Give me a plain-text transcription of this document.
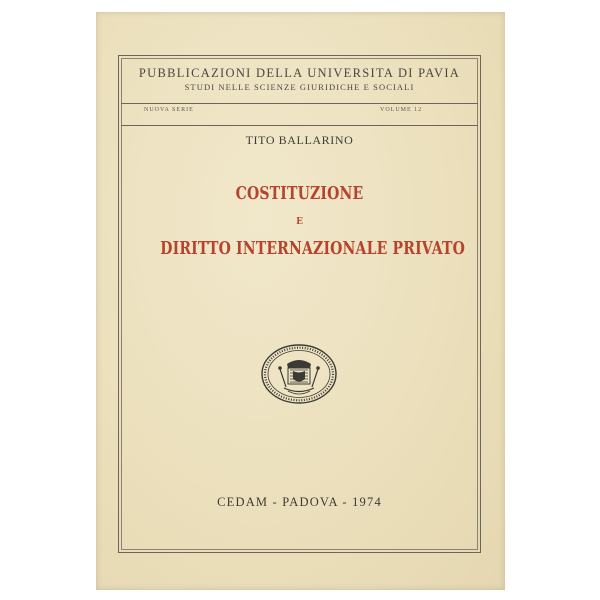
PUBBLICAZIONI DELLA UNIVERSITA DI PAVIA

STUDI NELLE SCIENZE GIURIDICHE E SOCIALI

NUOVA SERIE	VOLUME 12

TITO BALLARINO

COSTITUZIONE

E

DIRITTO INTERNAZIONALE PRIVATO

CEDAM - PADOVA - 1974
